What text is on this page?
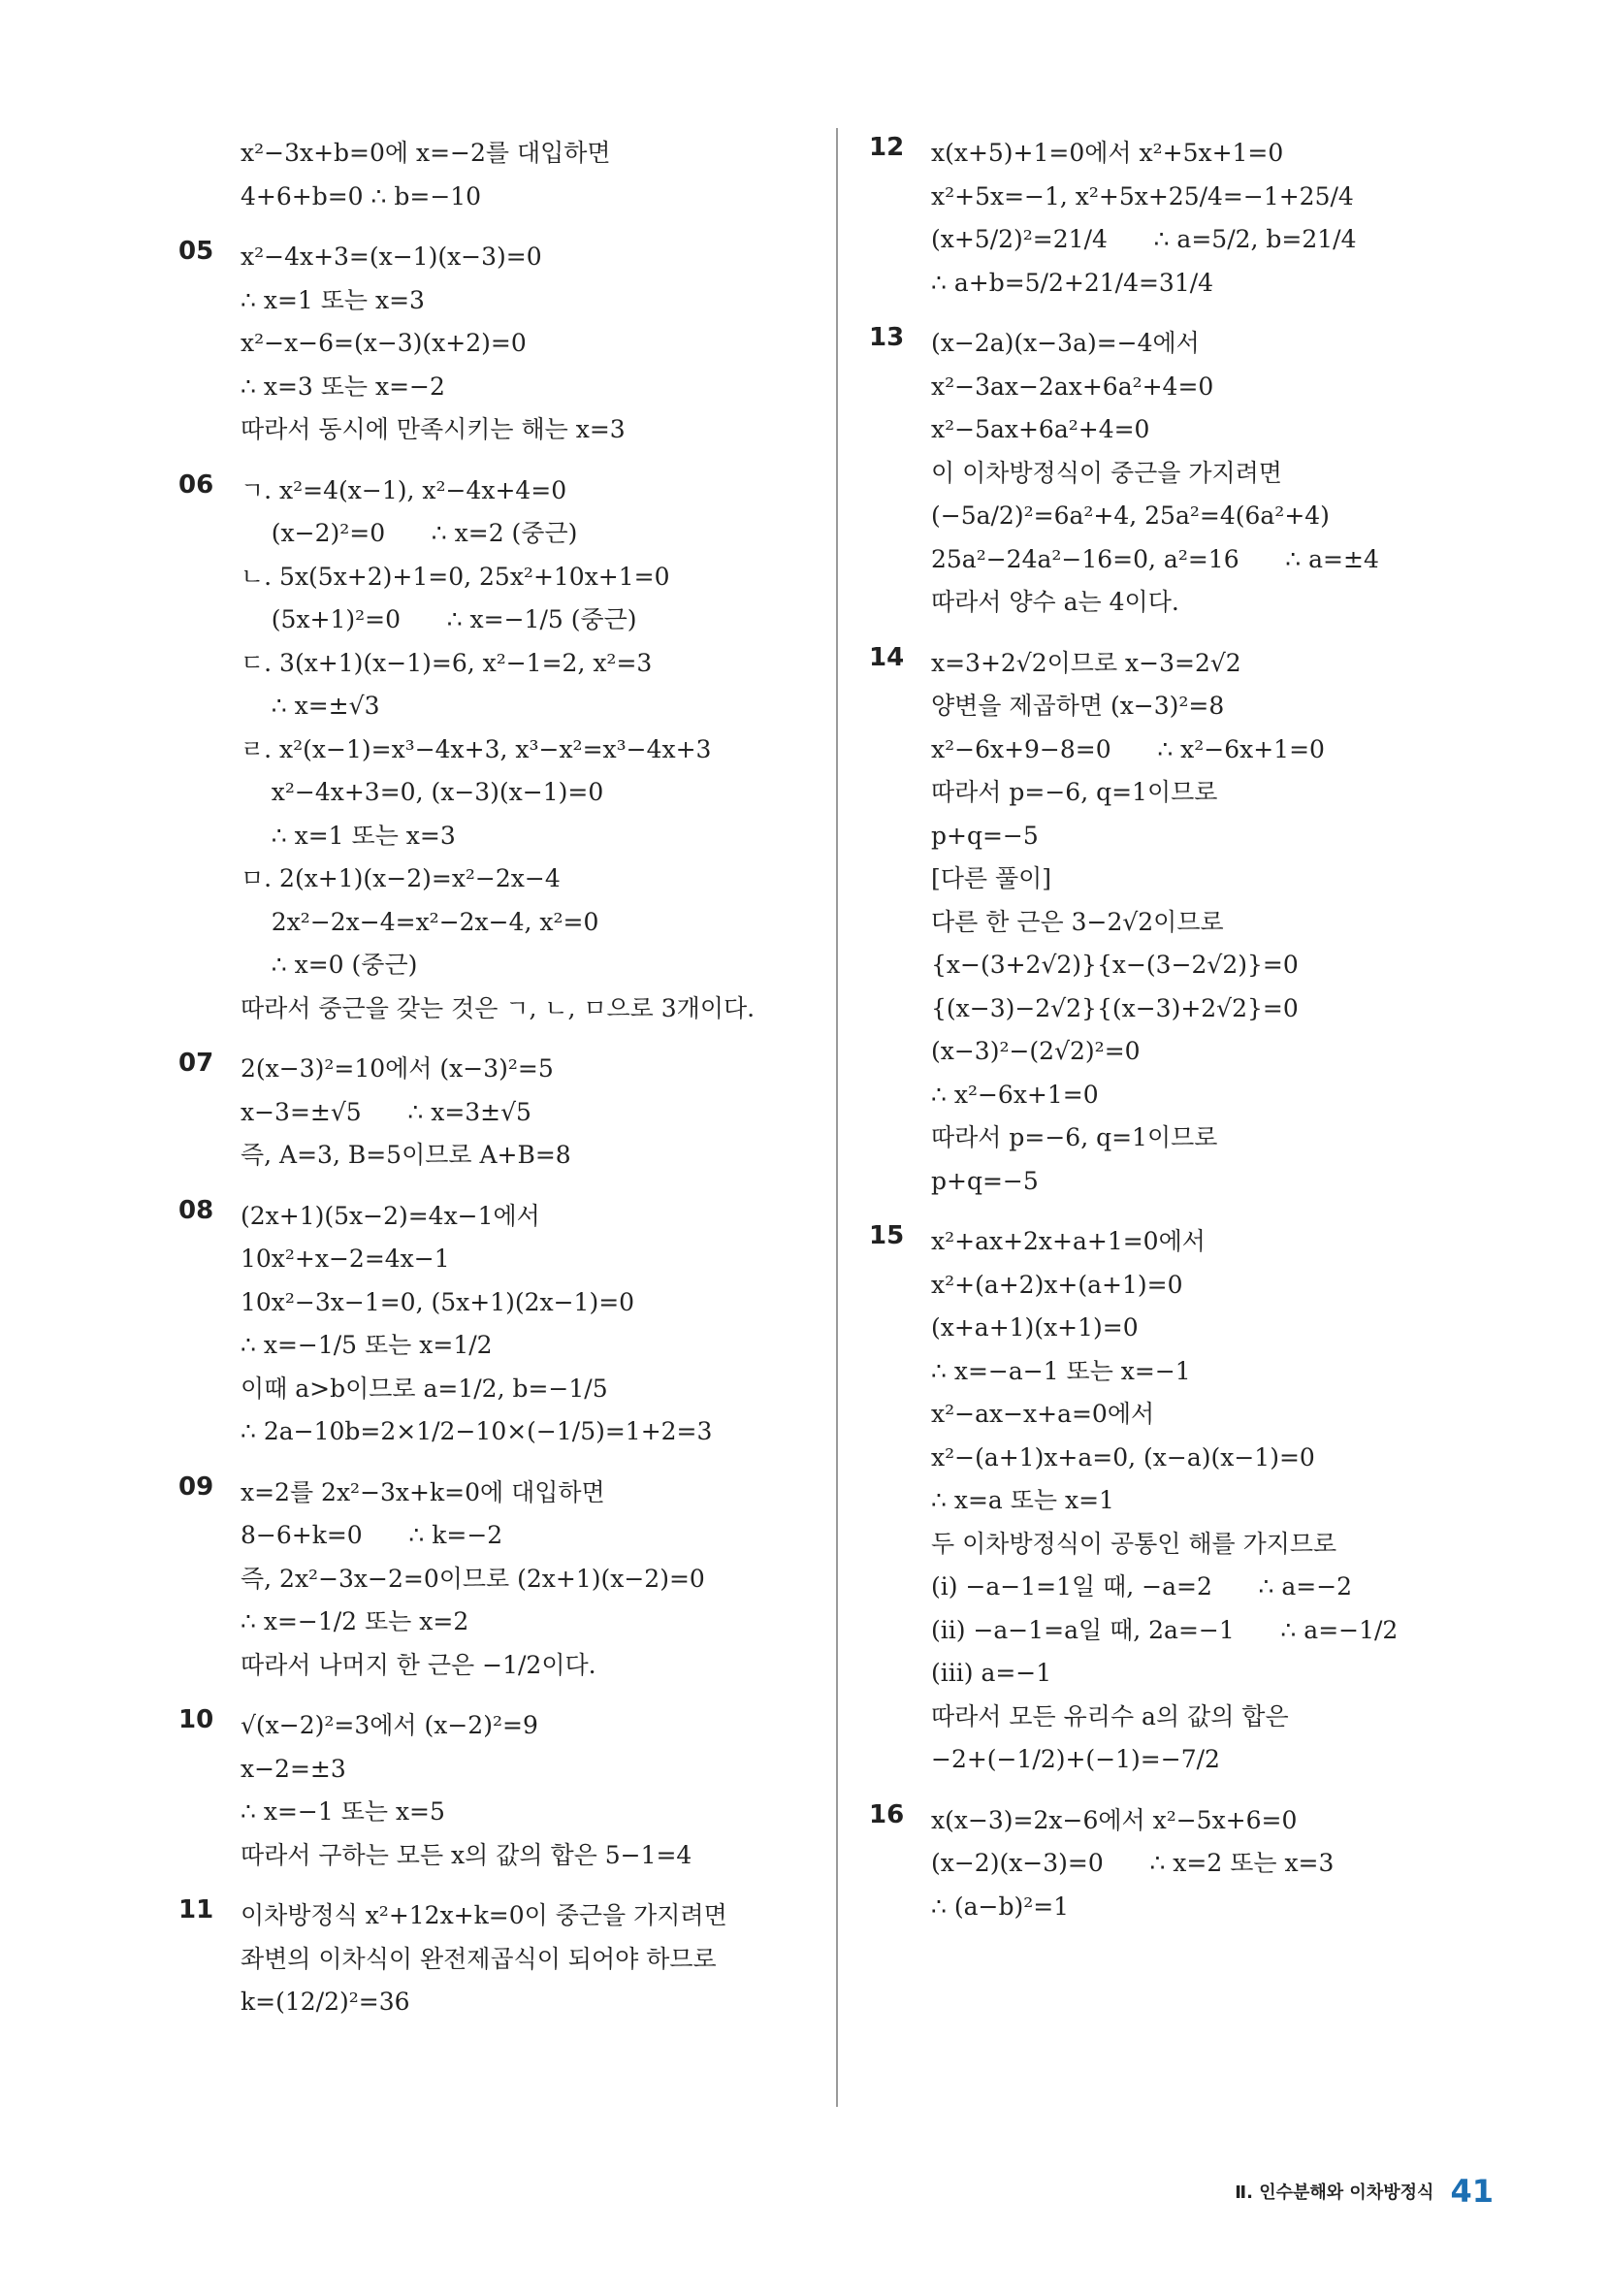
x²−3x+b=0에 x=−2를 대입하면
4+6+b=0 ∴ b=−10
05 x²−4x+3=(x−1)(x−3)=0
∴ x=1 또는 x=3
x²−x−6=(x−3)(x+2)=0
∴ x=3 또는 x=−2
따라서 동시에 만족시키는 해는 x=3
06 ㄱ. x²=4(x−1), x²−4x+4=0
(x−2)²=0      ∴ x=2 (중근)
ㄴ. 5x(5x+2)+1=0, 25x²+10x+1=0
(5x+1)²=0      ∴ x=−1/5 (중근)
ㄷ. 3(x+1)(x−1)=6, x²−1=2, x²=3
∴ x=±√3
ㄹ. x²(x−1)=x³−4x+3, x³−x²=x³−4x+3
x²−4x+3=0, (x−3)(x−1)=0
∴ x=1 또는 x=3
ㅁ. 2(x+1)(x−2)=x²−2x−4
2x²−2x−4=x²−2x−4, x²=0
∴ x=0 (중근)
따라서 중근을 갖는 것은 ㄱ, ㄴ, ㅁ으로 3개이다.
07 2(x−3)²=10에서 (x−3)²=5
x−3=±√5      ∴ x=3±√5
즉, A=3, B=5이므로 A+B=8
08 (2x+1)(5x−2)=4x−1에서
10x²+x−2=4x−1
10x²−3x−1=0, (5x+1)(2x−1)=0
∴ x=−1/5 또는 x=1/2
이때 a>b이므로 a=1/2, b=−1/5
∴ 2a−10b=2×1/2−10×(−1/5)=1+2=3
09 x=2를 2x²−3x+k=0에 대입하면
8−6+k=0      ∴ k=−2
즉, 2x²−3x−2=0이므로 (2x+1)(x−2)=0
∴ x=−1/2 또는 x=2
따라서 나머지 한 근은 −1/2이다.
10 √(x−2)²=3에서 (x−2)²=9
x−2=±3
∴ x=−1 또는 x=5
따라서 구하는 모든 x의 값의 합은 5−1=4
11 이차방정식 x²+12x+k=0이 중근을 가지려면
좌변의 이차식이 완전제곱식이 되어야 하므로
k=(12/2)²=36
12 x(x+5)+1=0에서 x²+5x+1=0
x²+5x=−1, x²+5x+25/4=−1+25/4
(x+5/2)²=21/4      ∴ a=5/2, b=21/4
∴ a+b=5/2+21/4=31/4
13 (x−2a)(x−3a)=−4에서
x²−3ax−2ax+6a²+4=0
x²−5ax+6a²+4=0
이 이차방정식이 중근을 가지려면
(−5a/2)²=6a²+4, 25a²=4(6a²+4)
25a²−24a²−16=0, a²=16      ∴ a=±4
따라서 양수 a는 4이다.
14 x=3+2√2이므로 x−3=2√2
양변을 제곱하면 (x−3)²=8
x²−6x+9−8=0      ∴ x²−6x+1=0
따라서 p=−6, q=1이므로
p+q=−5
[다른 풀이]
다른 한 근은 3−2√2이므로
{x−(3+2√2)}{x−(3−2√2)}=0
{(x−3)−2√2}{(x−3)+2√2}=0
(x−3)²−(2√2)²=0
∴ x²−6x+1=0
따라서 p=−6, q=1이므로
p+q=−5
15 x²+ax+2x+a+1=0에서
x²+(a+2)x+(a+1)=0
(x+a+1)(x+1)=0
∴ x=−a−1 또는 x=−1
x²−ax−x+a=0에서
x²−(a+1)x+a=0, (x−a)(x−1)=0
∴ x=a 또는 x=1
두 이차방정식이 공통인 해를 가지므로
(ⅰ) −a−1=1일 때, −a=2      ∴ a=−2
(ⅱ) −a−1=a일 때, 2a=−1      ∴ a=−1/2
(ⅲ) a=−1
따라서 모든 유리수 a의 값의 합은
−2+(−1/2)+(−1)=−7/2
16 x(x−3)=2x−6에서 x²−5x+6=0
(x−2)(x−3)=0      ∴ x=2 또는 x=3
∴ (a−b)²=1
Ⅱ. 인수분해와 이차방정식 41
